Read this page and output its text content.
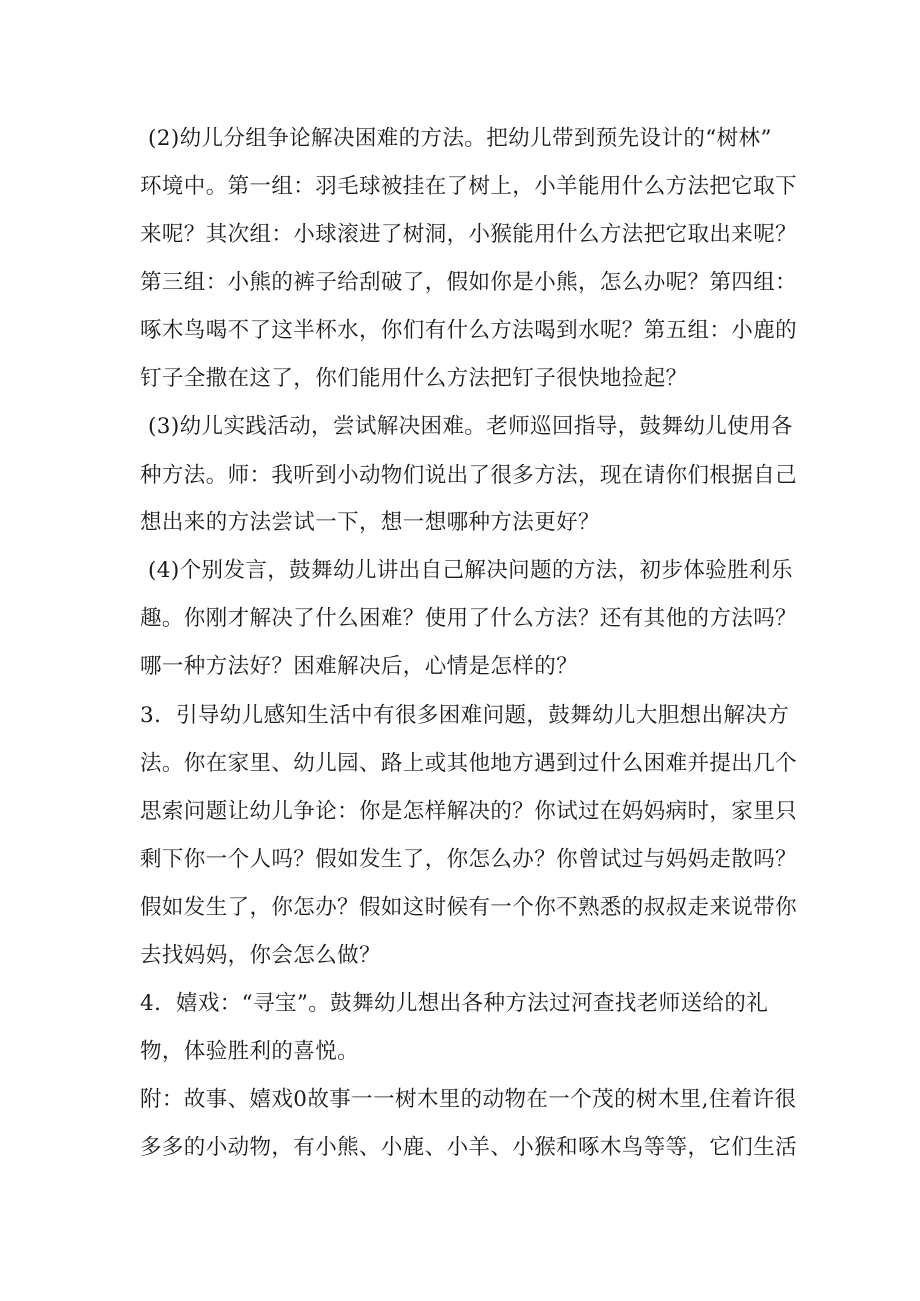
(2)幼儿分组争论解决困难的方法。把幼儿带到预先设计的“树林”
环境中。第一组：羽毛球被挂在了树上，小羊能用什么方法把它取下
来呢？其次组：小球滚进了树洞，小猴能用什么方法把它取出来呢？
第三组：小熊的裤子给刮破了，假如你是小熊，怎么办呢？第四组：
啄木鸟喝不了这半杯水，你们有什么方法喝到水呢？第五组：小鹿的
钉子全撒在这了，你们能用什么方法把钉子很快地捡起？
(3)幼儿实践活动，尝试解决困难。老师巡回指导，鼓舞幼儿使用各
种方法。师：我听到小动物们说出了很多方法，现在请你们根据自己
想出来的方法尝试一下，想一想哪种方法更好？
(4)个别发言，鼓舞幼儿讲出自己解决问题的方法，初步体验胜利乐
趣。你刚才解决了什么困难？使用了什么方法？还有其他的方法吗？
哪一种方法好？困难解决后，心情是怎样的？
3．引导幼儿感知生活中有很多困难问题，鼓舞幼儿大胆想出解决方
法。你在家里、幼儿园、路上或其他地方遇到过什么困难并提出几个
思索问题让幼儿争论：你是怎样解决的？你试过在妈妈病时，家里只
剩下你一个人吗？假如发生了，你怎么办？你曾试过与妈妈走散吗？
假如发生了，你怎办？假如这时候有一个你不熟悉的叔叔走来说带你
去找妈妈，你会怎么做？
4．嬉戏：“寻宝”。鼓舞幼儿想出各种方法过河查找老师送给的礼
物，体验胜利的喜悦。
附：故事、嬉戏0故事一一树木里的动物在一个茂的树木里,住着许很
多多的小动物，有小熊、小鹿、小羊、小猴和啄木鸟等等，它们生活
